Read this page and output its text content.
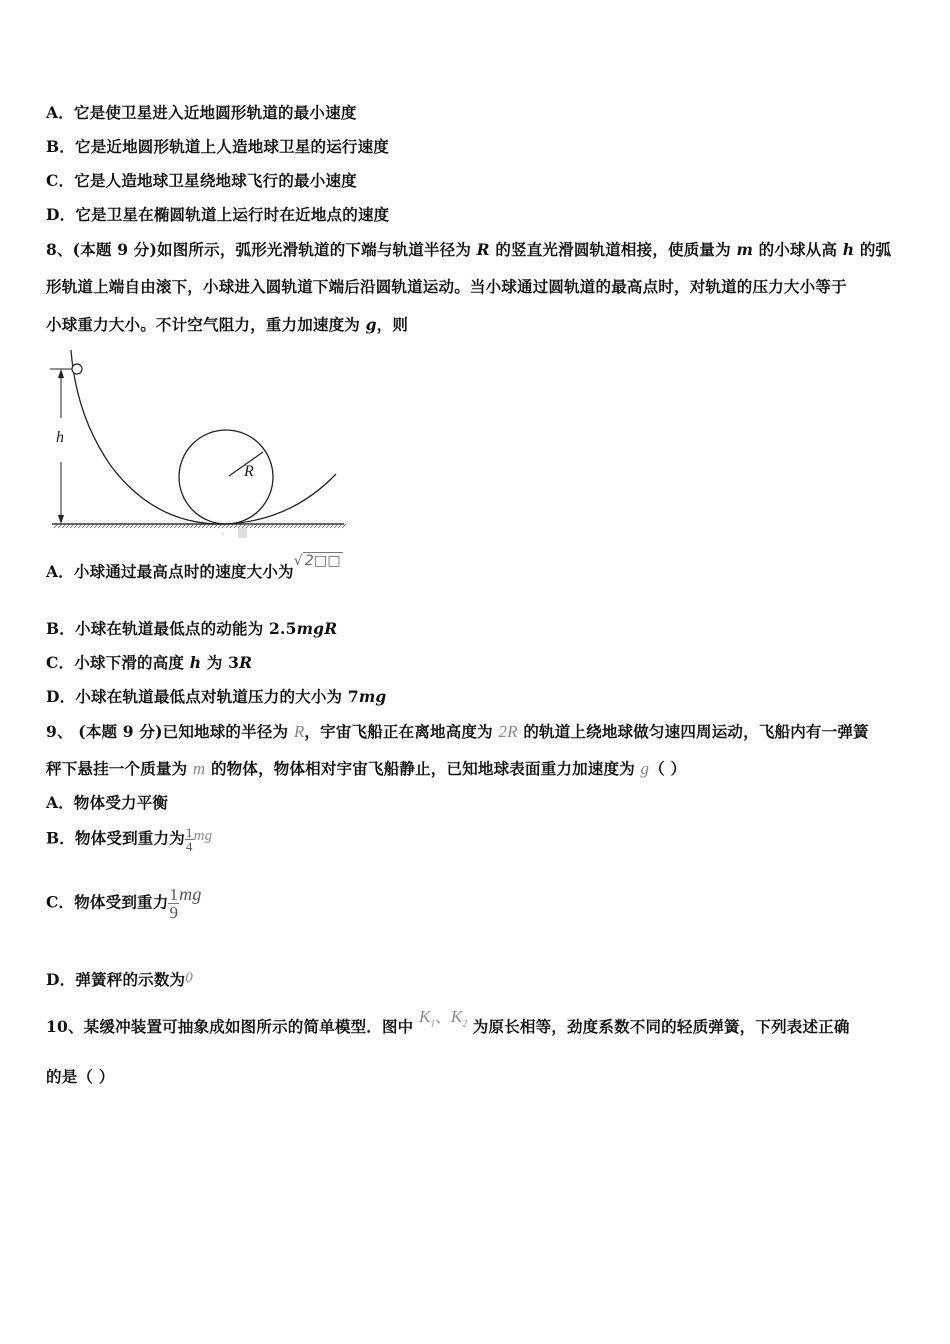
A．它是使卫星进入近地圆形轨道的最小速度
B．它是近地圆形轨道上人造地球卫星的运行速度
C．它是人造地球卫星绕地球飞行的最小速度
D．它是卫星在椭圆轨道上运行时在近地点的速度
8、(本题 9 分)如图所示，弧形光滑轨道的下端与轨道半径为 R 的竖直光滑圆轨道相接，使质量为 m 的小球从高 h 的弧
形轨道上端自由滚下，小球进入圆轨道下端后沿圆轨道运动。当小球通过圆轨道的最高点时，对轨道的压力大小等于
小球重力大小。不计空气阻力，重力加速度为 g，则
R
h
A．小球通过最高点时的速度大小为√ 2□□
B．小球在轨道最低点的动能为 2.5mgR
C．小球下滑的高度 h 为 3R
D．小球在轨道最低点对轨道压力的大小为 7mg
9、 (本题 9 分)已知地球的半径为 R，宇宙飞船正在离地高度为 2R 的轨道上绕地球做匀速四周运动，飞船内有一弹簧
秤下悬挂一个质量为 m 的物体，物体相对宇宙飞船静止，已知地球表面重力加速度为 g（ ）
A．物体受力平衡
B．物体受到重力为 $\frac{1}{4}$ mg
C．物体受到重力 $\frac{1}{9}$ mg
D．弹簧秤的示数为0
10、某缓冲装置可抽象成如图所示的简单模型．图中 $K_1$、$K_2$ 为原长相等，劲度系数不同的轻质弹簧，下列表述正确
的是（ ）
